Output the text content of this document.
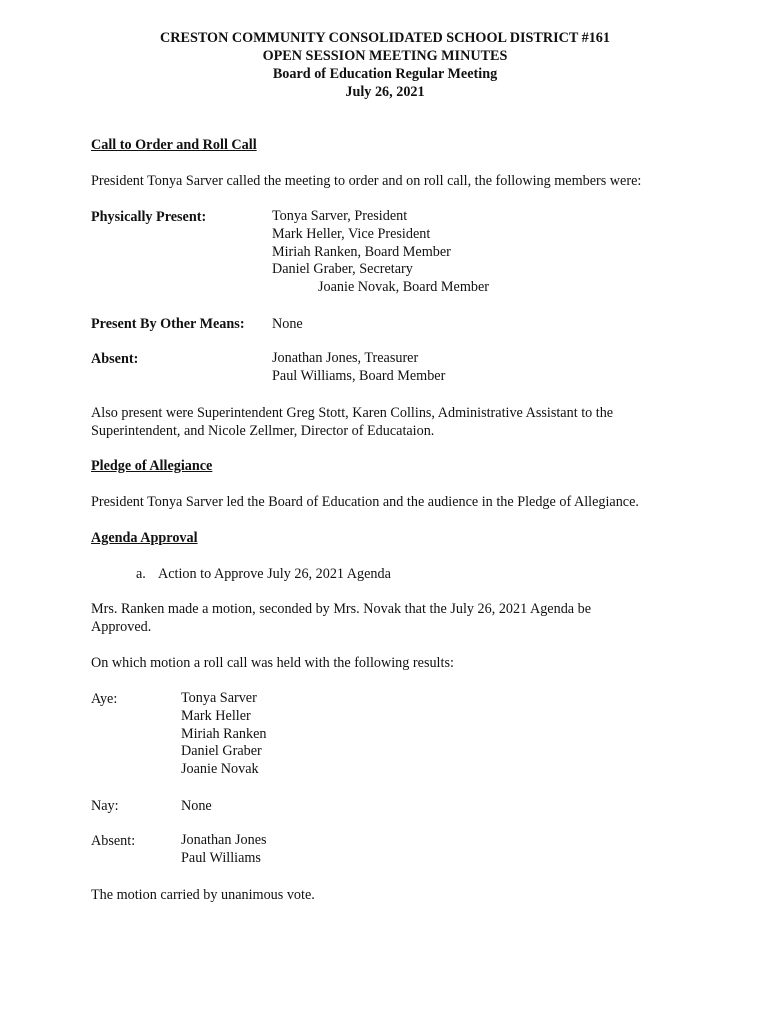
CRESTON COMMUNITY CONSOLIDATED SCHOOL DISTRICT #161
OPEN SESSION MEETING MINUTES
Board of Education Regular Meeting
July 26, 2021
Call to Order and Roll Call
President Tonya Sarver called the meeting to order and on roll call, the following members were:
Physically Present:	Tonya Sarver, President
Mark Heller, Vice President
Miriah Ranken, Board Member
Daniel Graber, Secretary
Joanie Novak, Board Member
Present By Other Means: None
Absent:	Jonathan Jones, Treasurer
Paul Williams, Board Member
Also present were Superintendent Greg Stott, Karen Collins, Administrative Assistant to the Superintendent, and Nicole Zellmer, Director of Educataion.
Pledge of Allegiance
President Tonya Sarver led the Board of Education and the audience in the Pledge of Allegiance.
Agenda Approval
a. Action to Approve July 26, 2021 Agenda
Mrs. Ranken made a motion, seconded by Mrs. Novak that the July 26, 2021 Agenda be Approved.
On which motion a roll call was held with the following results:
Aye:	Tonya Sarver
Mark Heller
Miriah Ranken
Daniel Graber
Joanie Novak
Nay:	None
Absent:	Jonathan Jones
Paul Williams
The motion carried by unanimous vote.
